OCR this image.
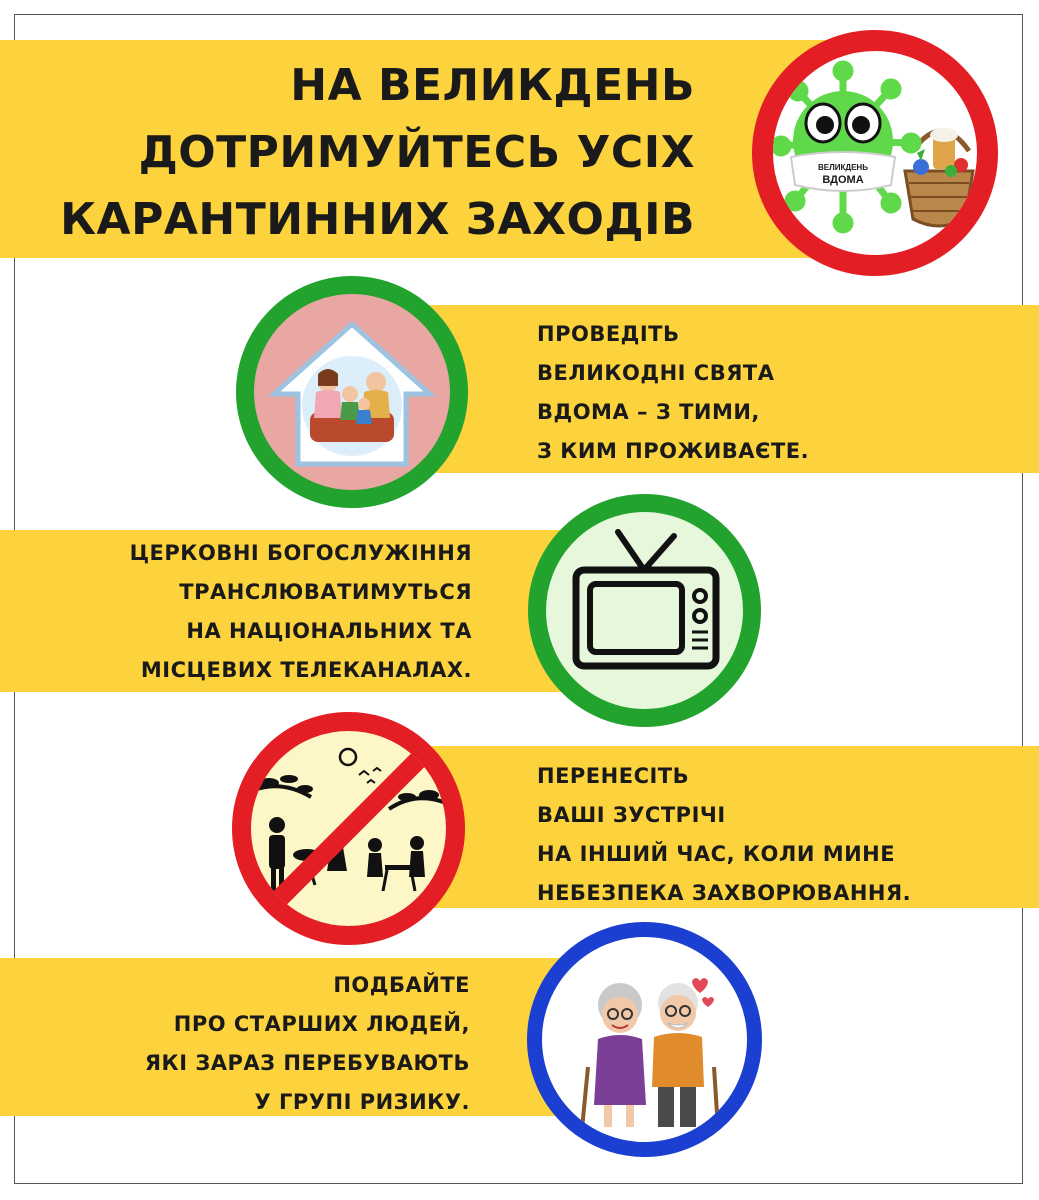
НА ВЕЛИКДЕНЬ
ДОТРИМУЙТЕСЬ УСІХ
КАРАНТИННИХ ЗАХОДІВ
ВЕЛИКДЕНЬ
ВДОМА
ПРОВЕДІТЬ
ВЕЛИКОДНІ СВЯТА
ВДОМА – З ТИМИ,
З КИМ ПРОЖИВАЄТЕ.
ЦЕРКОВНІ БОГОСЛУЖІННЯ
ТРАНСЛЮВАТИМУТЬСЯ
НА НАЦІОНАЛЬНИХ ТА
МІСЦЕВИХ ТЕЛЕКАНАЛАХ.
ПЕРЕНЕСІТЬ
ВАШІ ЗУСТРІЧІ
НА ІНШИЙ ЧАС, КОЛИ МИНЕ
НЕБЕЗПЕКА ЗАХВОРЮВАННЯ.
ПОДБАЙТЕ
ПРО СТАРШИХ ЛЮДЕЙ,
ЯКІ ЗАРАЗ ПЕРЕБУВАЮТЬ
У ГРУПІ РИЗИКУ.
